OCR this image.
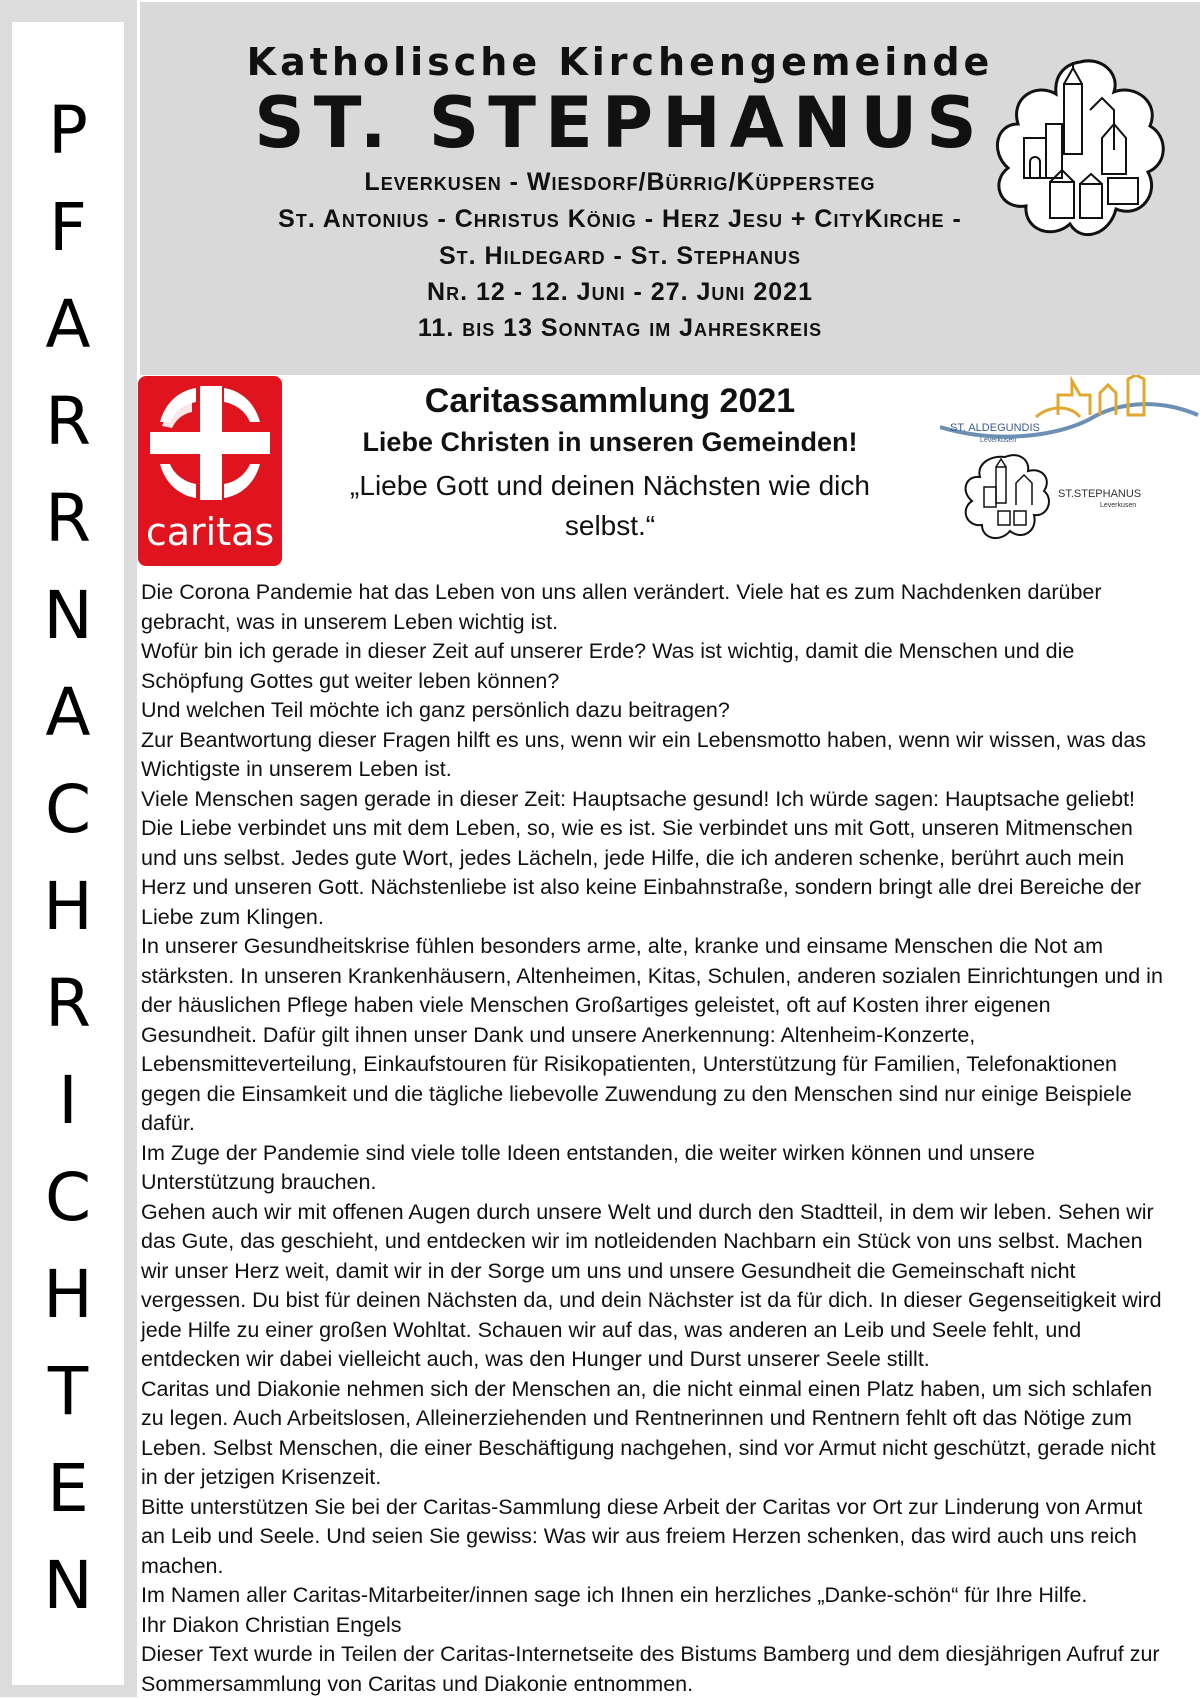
P
F
A
R
R
N
A
C
H
R
I
C
H
T
E
N
Katholische Kirchengemeinde
ST. STEPHANUS
Leverkusen - Wiesdorf/Bürrig/Küppersteg
St. Antonius - Christus König - Herz Jesu + CityKirche -
St. Hildegard - St. Stephanus
Nr. 12 - 12. Juni - 27. Juni 2021
11. bis 13 Sonntag im Jahreskreis
caritas
Caritassammlung 2021
Liebe Christen in unseren Gemeinden!

„Liebe Gott und deinen Nächsten wie dich selbst.“

ST. ALDEGUNDIS
Leverkusen
ST.STEPHANUS
Leverkusen

Die Corona Pandemie hat das Leben von uns allen verändert. Viele hat es zum Nachdenken darüber gebracht, was in unserem Leben wichtig ist.

Wofür bin ich gerade in dieser Zeit auf unserer Erde? Was ist wichtig, damit die Menschen und die Schöpfung Gottes gut weiter leben können?

Und welchen Teil möchte ich ganz persönlich dazu beitragen?

Zur Beantwortung dieser Fragen hilft es uns, wenn wir ein Lebensmotto haben, wenn wir wissen, was das Wichtigste in unserem Leben ist.

Viele Menschen sagen gerade in dieser Zeit: Hauptsache gesund! Ich würde sagen: Hauptsache geliebt! Die Liebe verbindet uns mit dem Leben, so, wie es ist. Sie verbindet uns mit Gott, unseren Mitmenschen und uns selbst. Jedes gute Wort, jedes Lächeln, jede Hilfe, die ich anderen schenke, berührt auch mein Herz und unseren Gott. Nächstenliebe ist also keine Einbahnstraße, sondern bringt alle drei Bereiche der Liebe zum Klingen.

In unserer Gesundheitskrise fühlen besonders arme, alte, kranke und einsame Menschen die Not am stärksten. In unseren Krankenhäusern, Altenheimen, Kitas, Schulen, anderen sozialen Einrichtungen und in der häuslichen Pflege haben viele Menschen Großartiges geleistet, oft auf Kosten ihrer eigenen Gesundheit. Dafür gilt ihnen unser Dank und unsere Anerkennung: Altenheim-Konzerte, Lebensmitteverteilung, Einkaufstouren für Risikopatienten, Unterstützung für Familien, Telefonaktionen gegen die Einsamkeit und die tägliche liebevolle Zuwendung zu den Menschen sind nur einige Beispiele dafür.

Im Zuge der Pandemie sind viele tolle Ideen entstanden, die weiter wirken können und unsere Unterstützung brauchen.

Gehen auch wir mit offenen Augen durch unsere Welt und durch den Stadtteil, in dem wir leben. Sehen wir das Gute, das geschieht, und entdecken wir im notleidenden Nachbarn ein Stück von uns selbst. Machen wir unser Herz weit, damit wir in der Sorge um uns und unsere Gesundheit die Gemeinschaft nicht vergessen. Du bist für deinen Nächsten da, und dein Nächster ist da für dich. In dieser Gegenseitigkeit wird jede Hilfe zu einer großen Wohltat. Schauen wir auf das, was anderen an Leib und Seele fehlt, und entdecken wir dabei vielleicht auch, was den Hunger und Durst unserer Seele stillt.

Caritas und Diakonie nehmen sich der Menschen an, die nicht einmal einen Platz haben, um sich schlafen zu legen. Auch Arbeitslosen, Alleinerziehenden und Rentnerinnen und Rentnern fehlt oft das Nötige zum Leben. Selbst Menschen, die einer Beschäftigung nachgehen, sind vor Armut nicht geschützt, gerade nicht in der jetzigen Krisenzeit.

Bitte unterstützen Sie bei der Caritas-Sammlung diese Arbeit der Caritas vor Ort zur Linderung von Armut an Leib und Seele. Und seien Sie gewiss: Was wir aus freiem Herzen schenken, das wird auch uns reich machen.

Im Namen aller Caritas-Mitarbeiter/innen sage ich Ihnen ein herzliches „Danke-schön“ für Ihre Hilfe.

Ihr Diakon Christian Engels

Dieser Text wurde in Teilen der Caritas-Internetseite des Bistums Bamberg und dem diesjährigen Aufruf zur Sommersammlung von Caritas und Diakonie entnommen.
